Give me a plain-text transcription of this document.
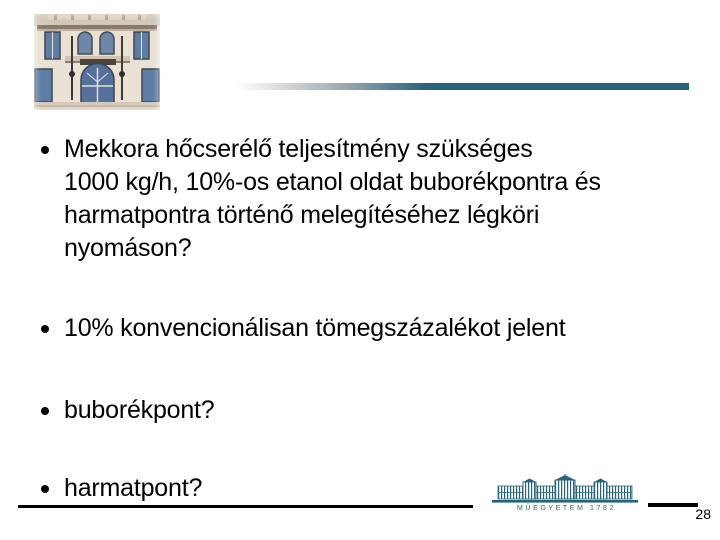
Mekkora hőcserélő teljesítmény szükséges
1000 kg/h, 10%-os etanol oldat buborékpontra és
harmatpontra történő melegítéséhez légköri
nyomáson?
10% konvencionálisan tömegszázalékot jelent
buborékpont?
harmatpont?
MŰEGYETEM 1782	28
